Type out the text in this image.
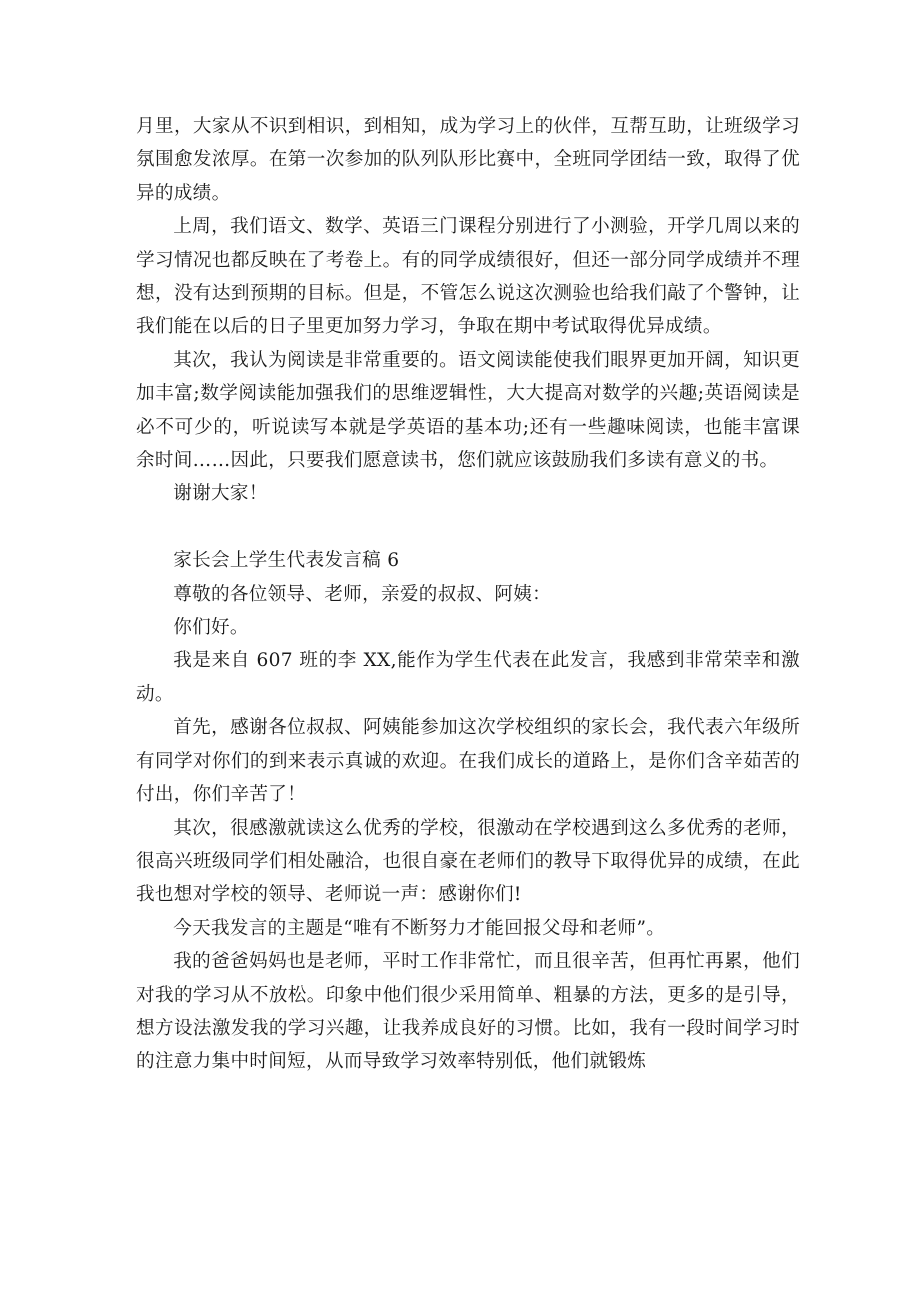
月里，大家从不识到相识，到相知，成为学习上的伙伴，互帮互助，让班级学习氛围愈发浓厚。在第一次参加的队列队形比赛中，全班同学团结一致，取得了优异的成绩。

上周，我们语文、数学、英语三门课程分别进行了小测验，开学几周以来的学习情况也都反映在了考卷上。有的同学成绩很好，但还一部分同学成绩并不理想，没有达到预期的目标。但是，不管怎么说这次测验也给我们敲了个警钟，让我们能在以后的日子里更加努力学习，争取在期中考试取得优异成绩。

其次，我认为阅读是非常重要的。语文阅读能使我们眼界更加开阔，知识更加丰富;数学阅读能加强我们的思维逻辑性，大大提高对数学的兴趣;英语阅读是必不可少的，听说读写本就是学英语的基本功;还有一些趣味阅读，也能丰富课余时间……因此，只要我们愿意读书，您们就应该鼓励我们多读有意义的书。

谢谢大家！

家长会上学生代表发言稿 6

尊敬的各位领导、老师，亲爱的叔叔、阿姨：

你们好。

我是来自 607 班的李 XX,能作为学生代表在此发言，我感到非常荣幸和激动。

首先，感谢各位叔叔、阿姨能参加这次学校组织的家长会，我代表六年级所有同学对你们的到来表示真诚的欢迎。在我们成长的道路上，是你们含辛茹苦的付出，你们辛苦了！

其次，很感激就读这么优秀的学校，很激动在学校遇到这么多优秀的老师，很高兴班级同学们相处融洽，也很自豪在老师们的教导下取得优异的成绩，在此我也想对学校的领导、老师说一声：感谢你们!

今天我发言的主题是“唯有不断努力才能回报父母和老师”。

我的爸爸妈妈也是老师，平时工作非常忙，而且很辛苦，但再忙再累，他们对我的学习从不放松。印象中他们很少采用简单、粗暴的方法，更多的是引导，想方设法激发我的学习兴趣，让我养成良好的习惯。比如，我有一段时间学习时的注意力集中时间短，从而导致学习效率特别低，他们就锻炼
